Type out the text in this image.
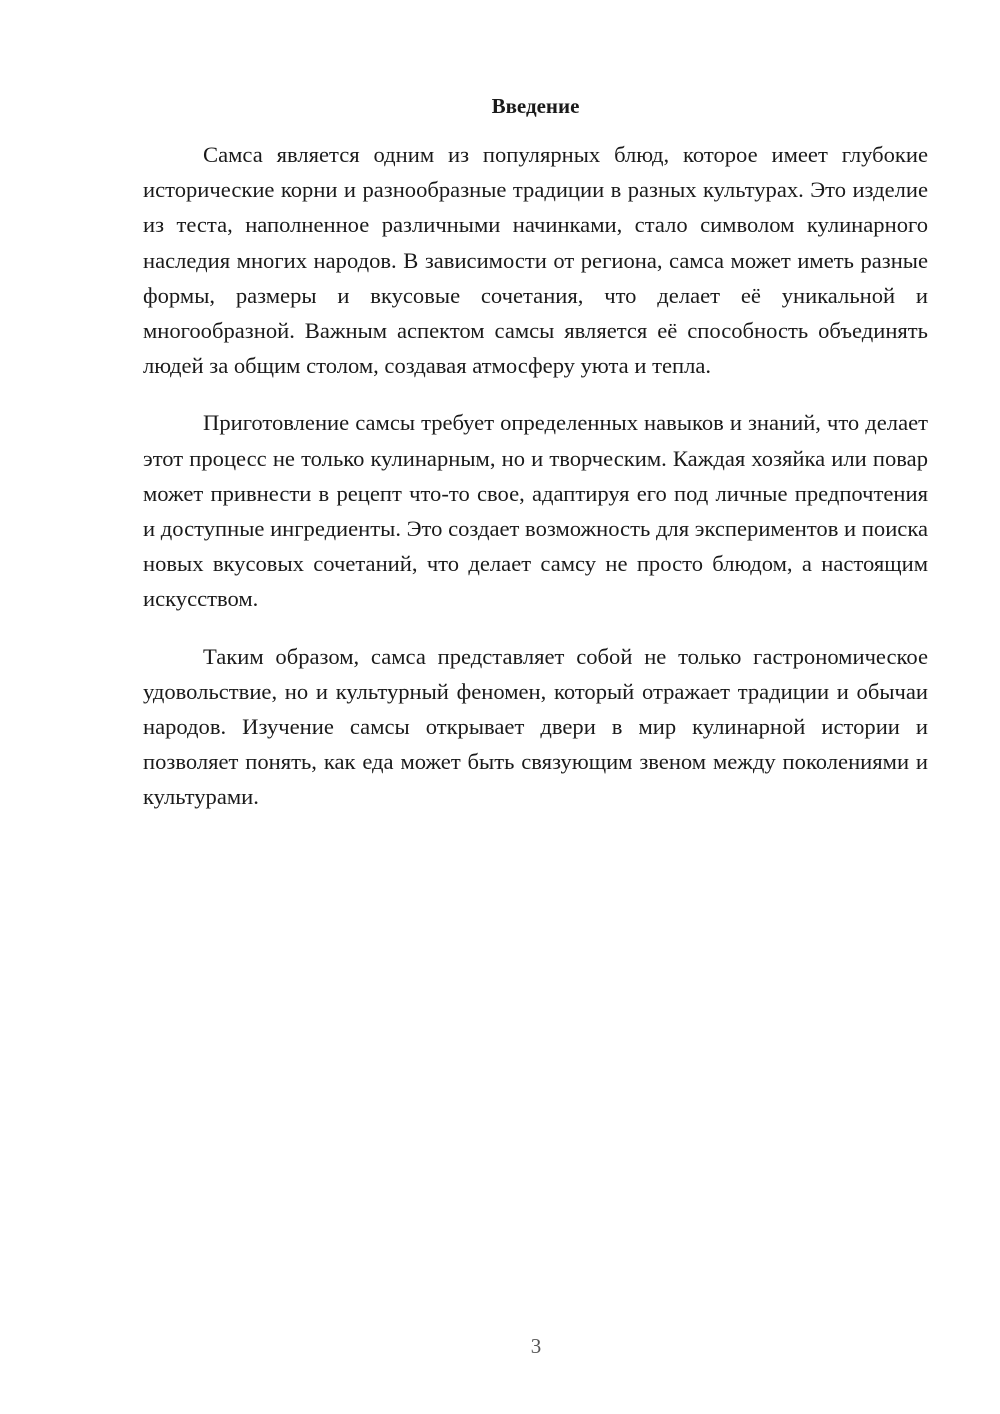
Введение

Самса является одним из популярных блюд, которое имеет глубокие исторические корни и разнообразные традиции в разных культурах. Это изделие из теста, наполненное различными начинками, стало символом кулинарного наследия многих народов. В зависимости от региона, самса может иметь разные формы, размеры и вкусовые сочетания, что делает её уникальной и многообразной. Важным аспектом самсы является её способность объединять людей за общим столом, создавая атмосферу уюта и тепла.

Приготовление самсы требует определенных навыков и знаний, что делает этот процесс не только кулинарным, но и творческим. Каждая хозяйка или повар может привнести в рецепт что-то свое, адаптируя его под личные предпочтения и доступные ингредиенты. Это создает возможность для экспериментов и поиска новых вкусовых сочетаний, что делает самсу не просто блюдом, а настоящим искусством.

Таким образом, самса представляет собой не только гастрономическое удовольствие, но и культурный феномен, который отражает традиции и обычаи народов. Изучение самсы открывает двери в мир кулинарной истории и позволяет понять, как еда может быть связующим звеном между поколениями и культурами.

3
